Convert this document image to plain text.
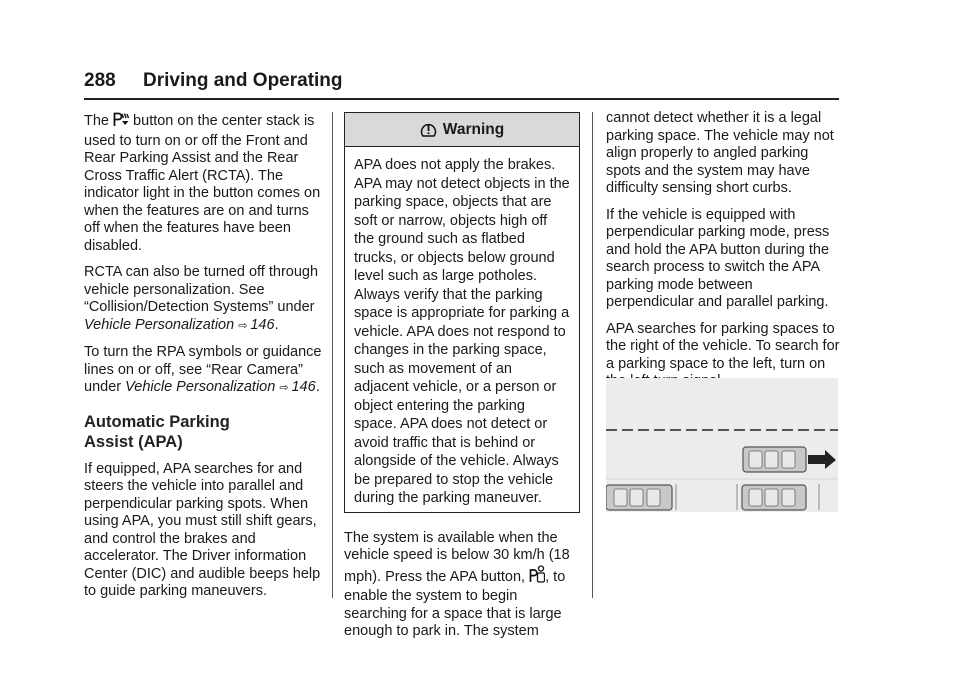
288 Driving and Operating

The  button on the center stack is used to turn on or off the Front and Rear Parking Assist and the Rear Cross Traffic Alert (RCTA). The indicator light in the button comes on when the features are on and turns off when the features have been disabled.

RCTA can also be turned off through vehicle personalization. See “Collision/Detection Systems” under Vehicle Personalization ⇨  146.

To turn the RPA symbols or guidance lines on or off, see “Rear Camera” under Vehicle Personalization ⇨  146.

Automatic Parking
Assist (APA)

If equipped, APA searches for and steers the vehicle into parallel and perpendicular parking spots. When using APA, you must still shift gears, and control the brakes and accelerator. The Driver information Center (DIC) and audible beeps help to guide parking maneuvers.

Warning
APA does not apply the brakes. APA may not detect objects in the parking space, objects that are soft or narrow, objects high off the ground such as flatbed trucks, or objects below ground level such as large potholes. Always verify that the parking space is appropriate for parking a vehicle. APA does not respond to changes in the parking space, such as movement of an adjacent vehicle, or a person or object entering the parking space. APA does not detect or avoid traffic that is behind or alongside of the vehicle. Always be prepared to stop the vehicle during the parking maneuver.

The system is available when the vehicle speed is below 30 km/h (18 mph). Press the APA button, , to enable the system to begin searching for a space that is large enough to park in. The system

cannot detect whether it is a legal parking space. The vehicle may not align properly to angled parking spots and the system may have difficulty sensing short curbs.

If the vehicle is equipped with perpendicular parking mode, press and hold the APA button during the search process to switch the APA parking mode between perpendicular and parallel parking.

APA searches for parking spaces to the right of the vehicle. To search for a parking space to the left, turn on
